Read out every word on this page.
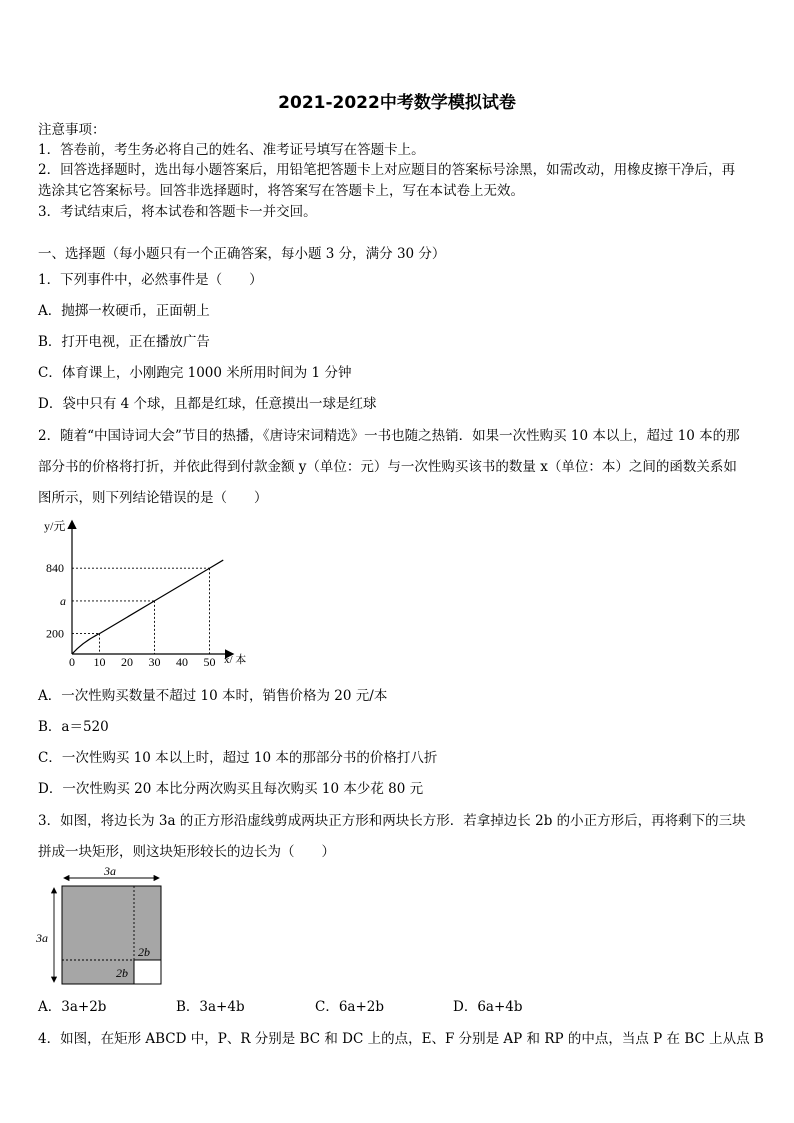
2021-2022中考数学模拟试卷
注意事项：
1．答卷前，考生务必将自己的姓名、准考证号填写在答题卡上。
2．回答选择题时，选出每小题答案后，用铅笔把答题卡上对应题目的答案标号涂黑，如需改动，用橡皮擦干净后，再
选涂其它答案标号。回答非选择题时，将答案写在答题卡上，写在本试卷上无效。
3．考试结束后，将本试卷和答题卡一并交回。
一、选择题（每小题只有一个正确答案，每小题 3 分，满分 30 分）
1．下列事件中，必然事件是（　　）
A．抛掷一枚硬币，正面朝上
B．打开电视，正在播放广告
C．体育课上，小刚跑完 1000 米所用时间为 1 分钟
D．袋中只有 4 个球，且都是红球，任意摸出一球是红球
2．随着“中国诗词大会”节目的热播，《唐诗宋词精选》一书也随之热销．如果一次性购买 10 本以上，超过 10 本的那
部分书的价格将打折，并依此得到付款金额 y（单位：元）与一次性购买该书的数量 x（单位：本）之间的函数关系如
图所示，则下列结论错误的是（　　）
y/元
x/ 本
0 10 20 30 40 50
200
a
840
A．一次性购买数量不超过 10 本时，销售价格为 20 元/本
B．a＝520
C．一次性购买 10 本以上时，超过 10 本的那部分书的价格打八折
D．一次性购买 20 本比分两次购买且每次购买 10 本少花 80 元
3．如图，将边长为 3a 的正方形沿虚线剪成两块正方形和两块长方形．若拿掉边长 2b 的小正方形后，再将剩下的三块
拼成一块矩形，则这块矩形较长的边长为（　　）
3a
3a
2b
2b
A．3a+2b	B．3a+4b	C．6a+2b	D．6a+4b
4．如图，在矩形 ABCD 中，P、R 分别是 BC 和 DC 上的点，E、F 分别是 AP 和 RP 的中点，当点 P 在 BC 上从点 B
